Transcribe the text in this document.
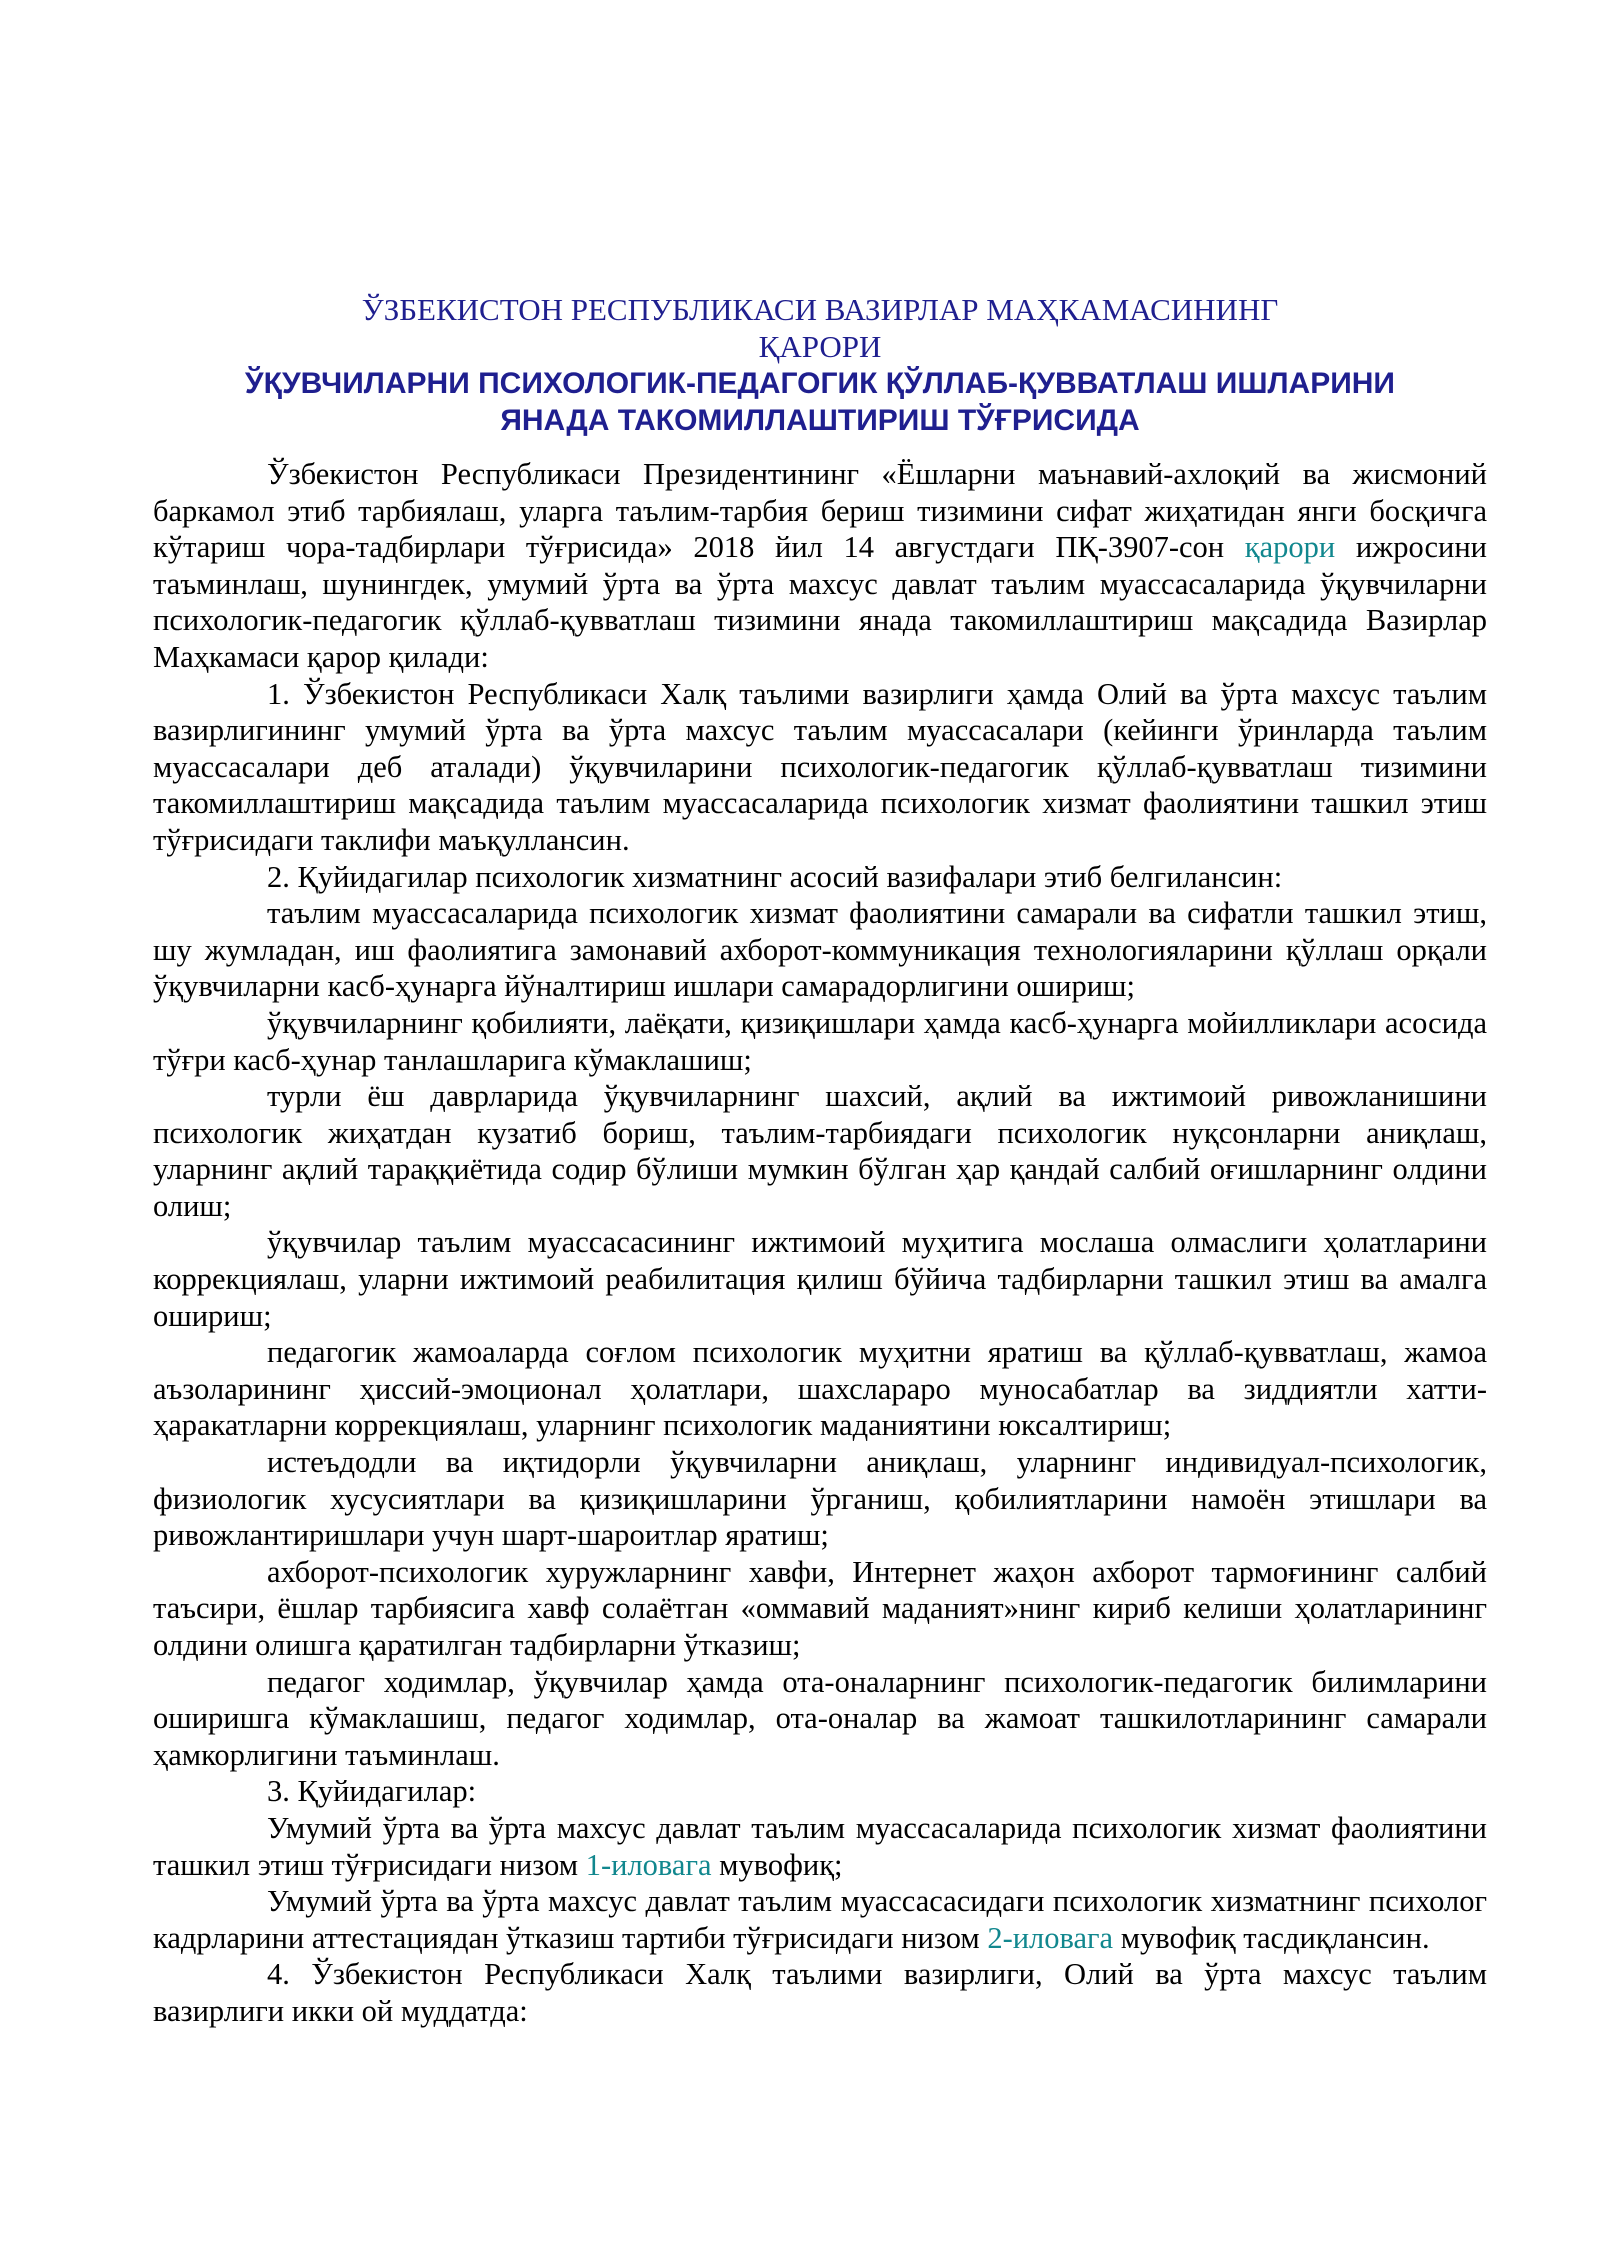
ЎЗБЕКИСТОН РЕСПУБЛИКАСИ ВАЗИРЛАР МАҲКАМАСИНИНГ
ҚАРОРИ
ЎҚУВЧИЛАРНИ ПСИХОЛОГИК-ПЕДАГОГИК ҚЎЛЛАБ-ҚУВВАТЛАШ ИШЛАРИНИ
ЯНАДА ТАКОМИЛЛАШТИРИШ ТЎҒРИСИДА

Ўзбекистон Республикаси Президентининг «Ёшларни маънавий-ахлоқий ва жисмоний баркамол этиб тарбиялаш, уларга таълим-тарбия бериш тизимини сифат жиҳатидан янги босқичга кўтариш чора-тадбирлари тўғрисида» 2018 йил 14 августдаги ПҚ-3907-сон қарори ижросини таъминлаш, шунингдек, умумий ўрта ва ўрта махсус давлат таълим муассасаларида ўқувчиларни психологик-педагогик қўллаб-қувватлаш тизимини янада такомиллаштириш мақсадида Вазирлар Маҳкамаси қарор қилади:

1. Ўзбекистон Республикаси Халқ таълими вазирлиги ҳамда Олий ва ўрта махсус таълим вазирлигининг умумий ўрта ва ўрта махсус таълим муассасалари (кейинги ўринларда таълим муассасалари деб аталади) ўқувчиларини психологик-педагогик қўллаб-қувватлаш тизимини такомиллаштириш мақсадида таълим муассасаларида психологик хизмат фаолиятини ташкил этиш тўғрисидаги таклифи маъқуллансин.

2. Қуйидагилар психологик хизматнинг асосий вазифалари этиб белгилансин:

таълим муассасаларида психологик хизмат фаолиятини самарали ва сифатли ташкил этиш, шу жумладан, иш фаолиятига замонавий ахборот-коммуникация технологияларини қўллаш орқали ўқувчиларни касб-ҳунарга йўналтириш ишлари самарадорлигини ошириш;

ўқувчиларнинг қобилияти, лаёқати, қизиқишлари ҳамда касб-ҳунарга мойилликлари асосида тўғри касб-ҳунар танлашларига кўмаклашиш;

турли ёш даврларида ўқувчиларнинг шахсий, ақлий ва ижтимоий ривожланишини психологик жиҳатдан кузатиб бориш, таълим-тарбиядаги психологик нуқсонларни аниқлаш, уларнинг ақлий тараққиётида содир бўлиши мумкин бўлган ҳар қандай салбий оғишларнинг олдини олиш;

ўқувчилар таълим муассасасининг ижтимоий муҳитига мослаша олмаслиги ҳолатларини коррекциялаш, уларни ижтимоий реабилитация қилиш бўйича тадбирларни ташкил этиш ва амалга ошириш;

педагогик жамоаларда соғлом психологик муҳитни яратиш ва қўллаб-қувватлаш, жамоа аъзоларининг ҳиссий-эмоционал ҳолатлари, шахслараро муносабатлар ва зиддиятли хатти-ҳаракатларни коррекциялаш, уларнинг психологик маданиятини юксалтириш;

истеъдодли ва иқтидорли ўқувчиларни аниқлаш, уларнинг индивидуал-психологик, физиологик хусусиятлари ва қизиқишларини ўрганиш, қобилиятларини намоён этишлари ва ривожлантиришлари учун шарт-шароитлар яратиш;

ахборот-психологик хуружларнинг хавфи, Интернет жаҳон ахборот тармоғининг салбий таъсири, ёшлар тарбиясига хавф солаётган «оммавий маданият»нинг кириб келиши ҳолатларининг олдини олишга қаратилган тадбирларни ўтказиш;

педагог ходимлар, ўқувчилар ҳамда ота-оналарнинг психологик-педагогик билимларини оширишга кўмаклашиш, педагог ходимлар, ота-оналар ва жамоат ташкилотларининг самарали ҳамкорлигини таъминлаш.

3. Қуйидагилар:

Умумий ўрта ва ўрта махсус давлат таълим муассасаларида психологик хизмат фаолиятини ташкил этиш тўғрисидаги низом 1-иловага мувофиқ;

Умумий ўрта ва ўрта махсус давлат таълим муассасасидаги психологик хизматнинг психолог кадрларини аттестациядан ўтказиш тартиби тўғрисидаги низом 2-иловага мувофиқ тасдиқлансин.

4. Ўзбекистон Республикаси Халқ таълими вазирлиги, Олий ва ўрта махсус таълим вазирлиги икки ой муддатда:
